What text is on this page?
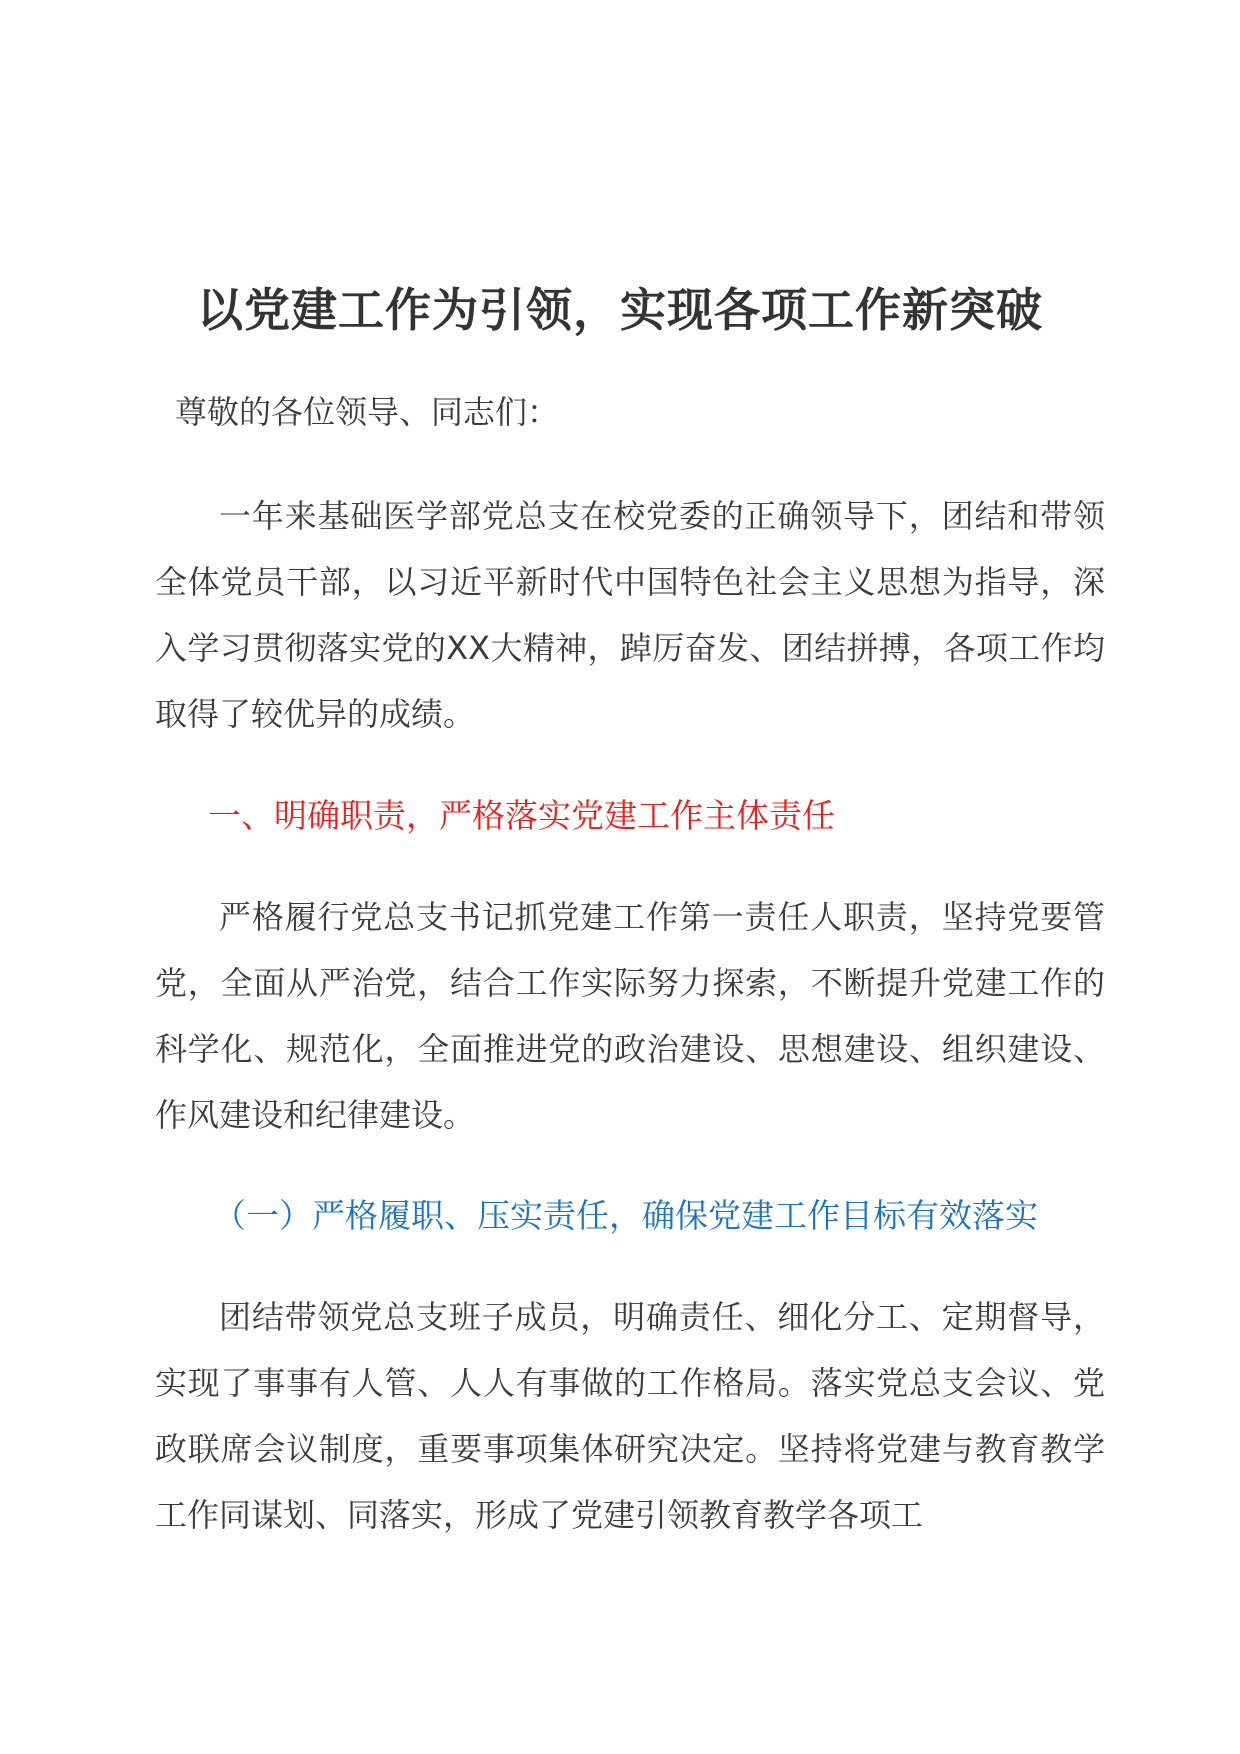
以党建工作为引领，实现各项工作新突破

尊敬的各位领导、同志们：

一年来基础医学部党总支在校党委的正确领导下，团结和带领全体党员干部，以习近平新时代中国特色社会主义思想为指导，深入学习贯彻落实党的XX大精神，踔厉奋发、团结拼搏，各项工作均取得了较优异的成绩。

一、明确职责，严格落实党建工作主体责任

严格履行党总支书记抓党建工作第一责任人职责，坚持党要管党，全面从严治党，结合工作实际努力探索，不断提升党建工作的科学化、规范化，全面推进党的政治建设、思想建设、组织建设、作风建设和纪律建设。

（一）严格履职、压实责任，确保党建工作目标有效落实

团结带领党总支班子成员，明确责任、细化分工、定期督导，实现了事事有人管、人人有事做的工作格局。落实党总支会议、党政联席会议制度，重要事项集体研究决定。坚持将党建与教育教学工作同谋划、同落实，形成了党建引领教育教学各项工
